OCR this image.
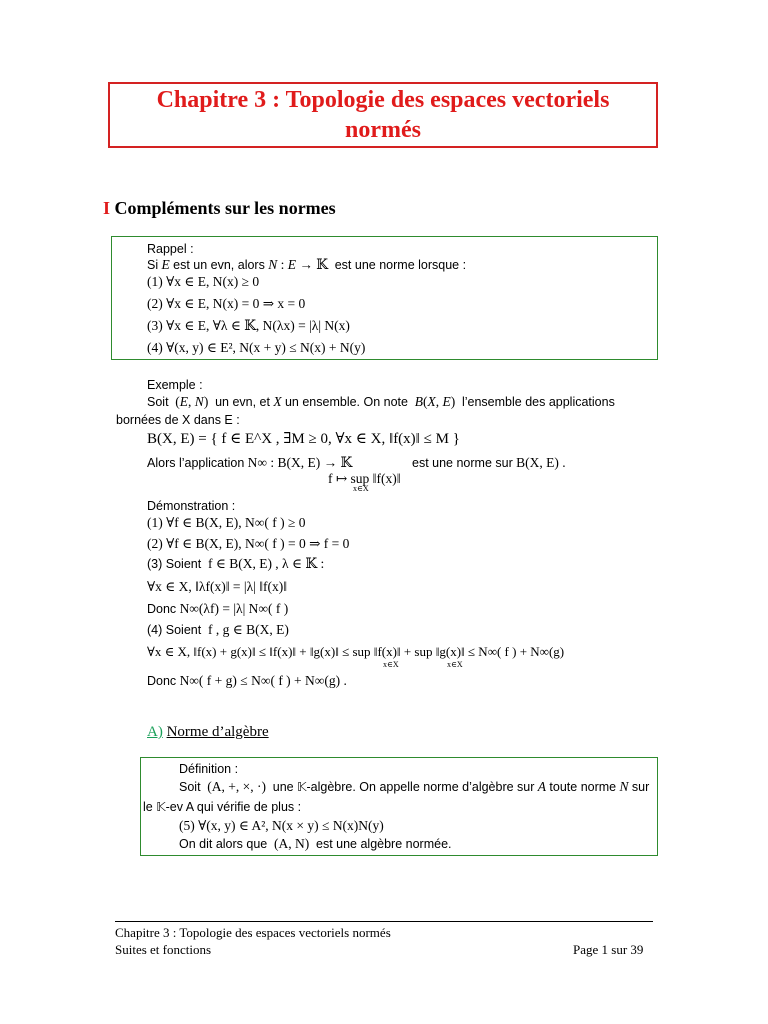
Chapitre 3 : Topologie des espaces vectoriels
normés
I Compléments sur les normes
Rappel :
Si E est un evn, alors N : E → 𝕂  est une norme lorsque :
(1) ∀x ∈ E, N(x) ≥ 0
(2) ∀x ∈ E, N(x) = 0 ⇒ x = 0
(3) ∀x ∈ E, ∀λ ∈ 𝕂, N(λx) = |λ| N(x)
(4) ∀(x, y) ∈ E², N(x + y) ≤ N(x) + N(y)
Exemple :
Soit  (E, N)  un evn, et X un ensemble. On note B(X, E)  l’ensemble des applications
bornées de X dans E :
B(X, E) = { f ∈ E^X , ∃M ≥ 0, ∀x ∈ X, ‖f(x)‖ ≤ M }
Alors l’application N∞ : B(X, E) → 𝕂	est une norme sur B(X, E) .
f ↦ sup ‖f(x)‖
x∈X
Démonstration :
(1) ∀f ∈ B(X, E), N∞( f ) ≥ 0
(2) ∀f ∈ B(X, E), N∞( f ) = 0 ⇒ f = 0
(3) Soient f ∈ B(X, E) , λ ∈ 𝕂 :
∀x ∈ X, ‖λf(x)‖ = |λ| ‖f(x)‖
Donc N∞(λf) = |λ| N∞( f )
(4) Soient f , g ∈ B(X, E)
∀x ∈ X, ‖f(x) + g(x)‖ ≤ ‖f(x)‖ + ‖g(x)‖ ≤ sup ‖f(x)‖ + sup ‖g(x)‖ ≤ N∞( f ) + N∞(g)
x∈X	x∈X
Donc N∞( f + g) ≤ N∞( f ) + N∞(g) .
A) Norme d’algèbre
Définition :
Soit (A, +, ×, ·) une 𝕂-algèbre. On appelle norme d’algèbre sur A toute norme N sur
le 𝕂-ev A qui vérifie de plus :
(5) ∀(x, y) ∈ A², N(x × y) ≤ N(x)N(y)
On dit alors que (A, N) est une algèbre normée.
Chapitre 3 : Topologie des espaces vectoriels normés
Suites et fonctions	Page 1 sur 39
